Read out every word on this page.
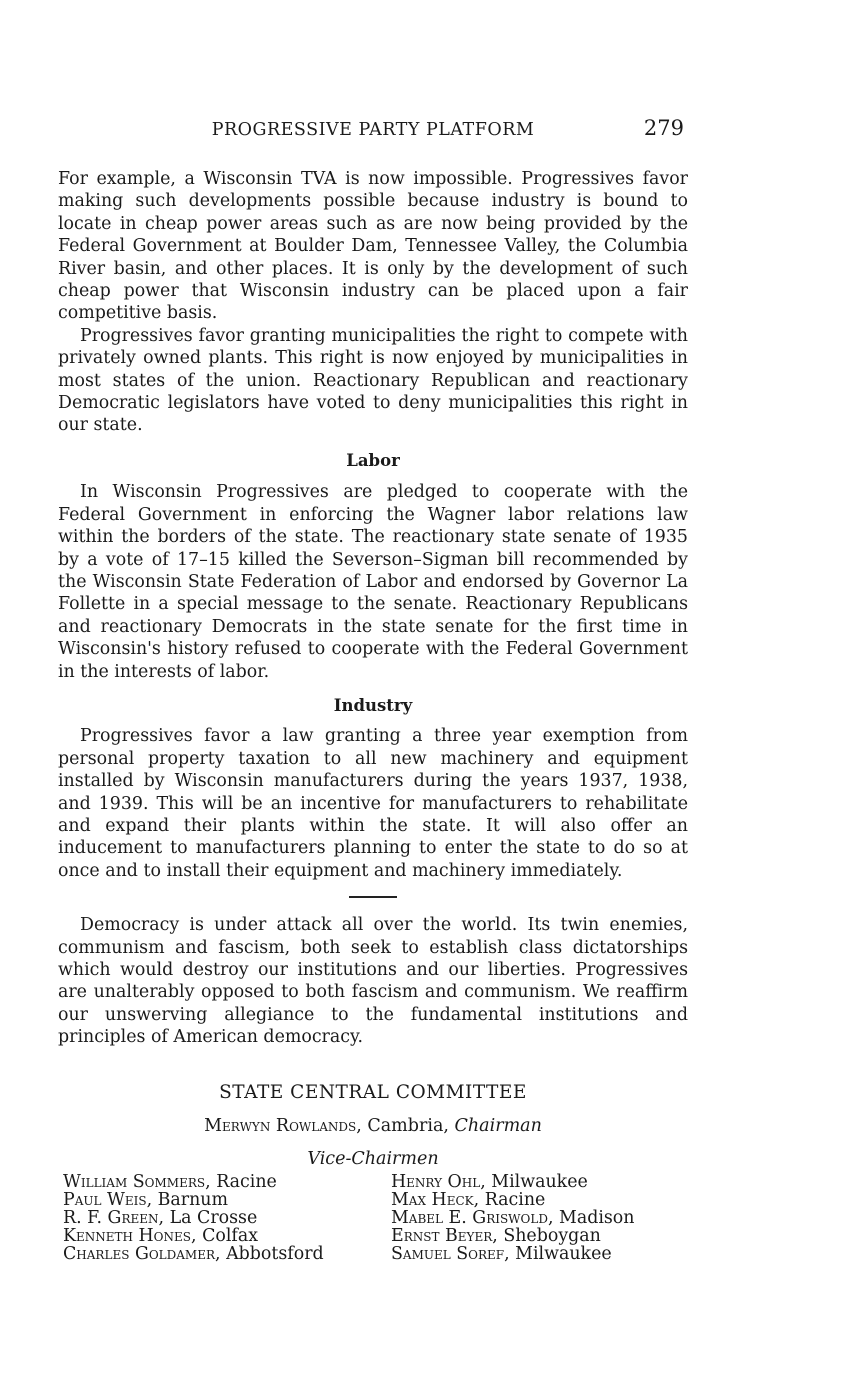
PROGRESSIVE PARTY PLATFORM	279

For example, a Wisconsin TVA is now impossible. Progressives favor making such developments possible because industry is bound to locate in cheap power areas such as are now being provided by the Federal Government at Boulder Dam, Tennessee Valley, the Columbia River basin, and other places. It is only by the development of such cheap power that Wisconsin industry can be placed upon a fair competitive basis.

Progressives favor granting municipalities the right to compete with privately owned plants. This right is now enjoyed by municipalities in most states of the union. Reactionary Republican and reactionary Democratic legislators have voted to deny municipalities this right in our state.

Labor

In Wisconsin Progressives are pledged to cooperate with the Federal Government in enforcing the Wagner labor relations law within the borders of the state. The reactionary state senate of 1935 by a vote of 17–15 killed the Severson–Sigman bill recommended by the Wisconsin State Federation of Labor and endorsed by Governor La Follette in a special message to the senate. Reactionary Republicans and reactionary Democrats in the state senate for the first time in Wisconsin's history refused to cooperate with the Federal Government in the interests of labor.

Industry

Progressives favor a law granting a three year exemption from personal property taxation to all new machinery and equipment installed by Wisconsin manufacturers during the years 1937, 1938, and 1939. This will be an incentive for manufacturers to rehabilitate and expand their plants within the state. It will also offer an inducement to manufacturers planning to enter the state to do so at once and to install their equipment and machinery immediately.

Democracy is under attack all over the world. Its twin enemies, communism and fascism, both seek to establish class dictatorships which would destroy our institutions and our liberties. Progressives are unalterably opposed to both fascism and communism. We reaffirm our unswerving allegiance to the fundamental institutions and principles of American democracy.

STATE CENTRAL COMMITTEE
Merwyn Rowlands, Cambria, Chairman
Vice-Chairmen
William Sommers, Racine
Paul Weis, Barnum
R. F. Green, La Crosse
Kenneth Hones, Colfax
Charles Goldamer, Abbotsford
Henry Ohl, Milwaukee
Max Heck, Racine
Mabel E. Griswold, Madison
Ernst Beyer, Sheboygan
Samuel Soref, Milwaukee
